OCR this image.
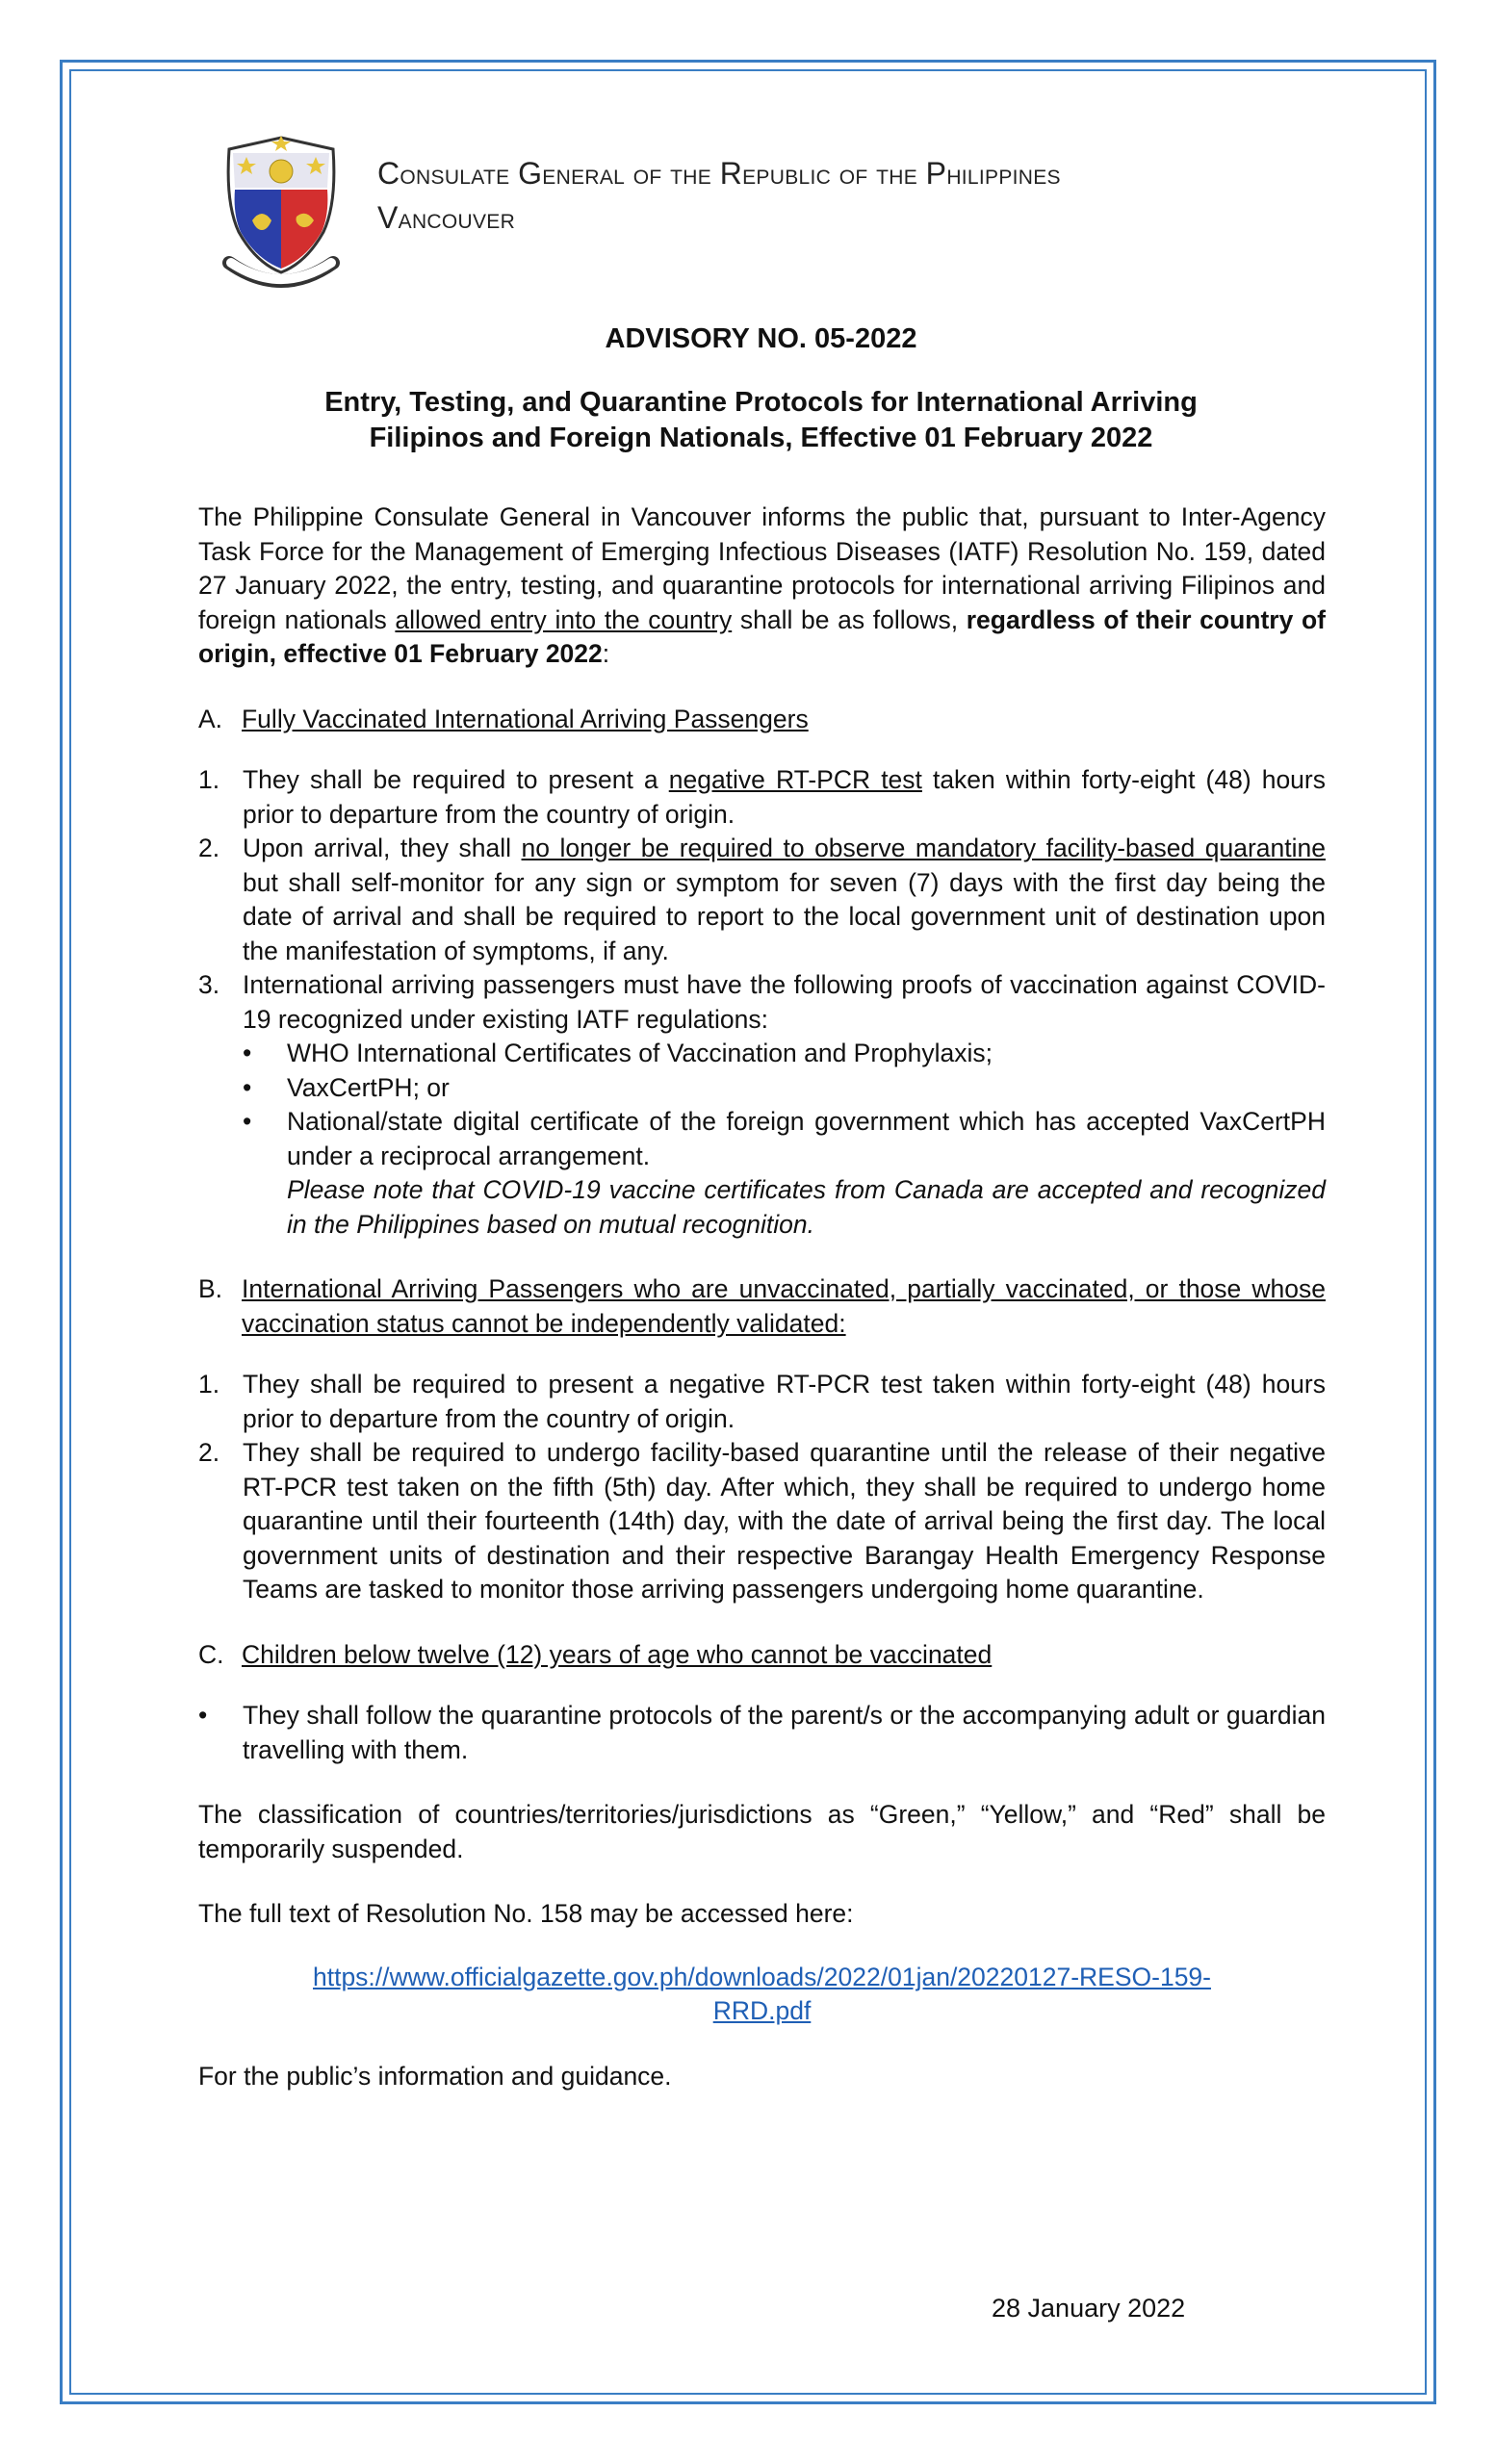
Consulate General of the Republic of the Philippines
Vancouver
ADVISORY NO. 05-2022
Entry, Testing, and Quarantine Protocols for International Arriving
Filipinos and Foreign Nationals, Effective 01 February 2022

The Philippine Consulate General in Vancouver informs the public that, pursuant to Inter-Agency Task Force for the Management of Emerging Infectious Diseases (IATF) Resolution No. 159, dated 27 January 2022, the entry, testing, and quarantine protocols for international arriving Filipinos and foreign nationals allowed entry into the country shall be as follows, regardless of their country of origin, effective 01 February 2022:

A. Fully Vaccinated International Arriving Passengers
1. They shall be required to present a negative RT-PCR test taken within forty-eight (48) hours prior to departure from the country of origin.
2. Upon arrival, they shall no longer be required to observe mandatory facility-based quarantine but shall self-monitor for any sign or symptom for seven (7) days with the first day being the date of arrival and shall be required to report to the local government unit of destination upon the manifestation of symptoms, if any.
3. International arriving passengers must have the following proofs of vaccination against COVID-19 recognized under existing IATF regulations:
•	WHO International Certificates of Vaccination and Prophylaxis;
•	VaxCertPH; or
•	National/state digital certificate of the foreign government which has accepted VaxCertPH under a reciprocal arrangement.
Please note that COVID-19 vaccine certificates from Canada are accepted and recognized in the Philippines based on mutual recognition.
B. International Arriving Passengers who are unvaccinated, partially vaccinated, or those whose vaccination status cannot be independently validated:
1. They shall be required to present a negative RT-PCR test taken within forty-eight (48) hours prior to departure from the country of origin.
2. They shall be required to undergo facility-based quarantine until the release of their negative RT-PCR test taken on the fifth (5th) day. After which, they shall be required to undergo home quarantine until their fourteenth (14th) day, with the date of arrival being the first day. The local government units of destination and their respective Barangay Health Emergency Response Teams are tasked to monitor those arriving passengers undergoing home quarantine.
C. Children below twelve (12) years of age who cannot be vaccinated
•	They shall follow the quarantine protocols of the parent/s or the accompanying adult or guardian travelling with them.

The classification of countries/territories/jurisdictions as “Green,” “Yellow,” and “Red” shall be temporarily suspended.

The full text of Resolution No. 158 may be accessed here:

https://www.officialgazette.gov.ph/downloads/2022/01jan/20220127-RESO-159-
RRD.pdf

For the public’s information and guidance.

28 January 2022
